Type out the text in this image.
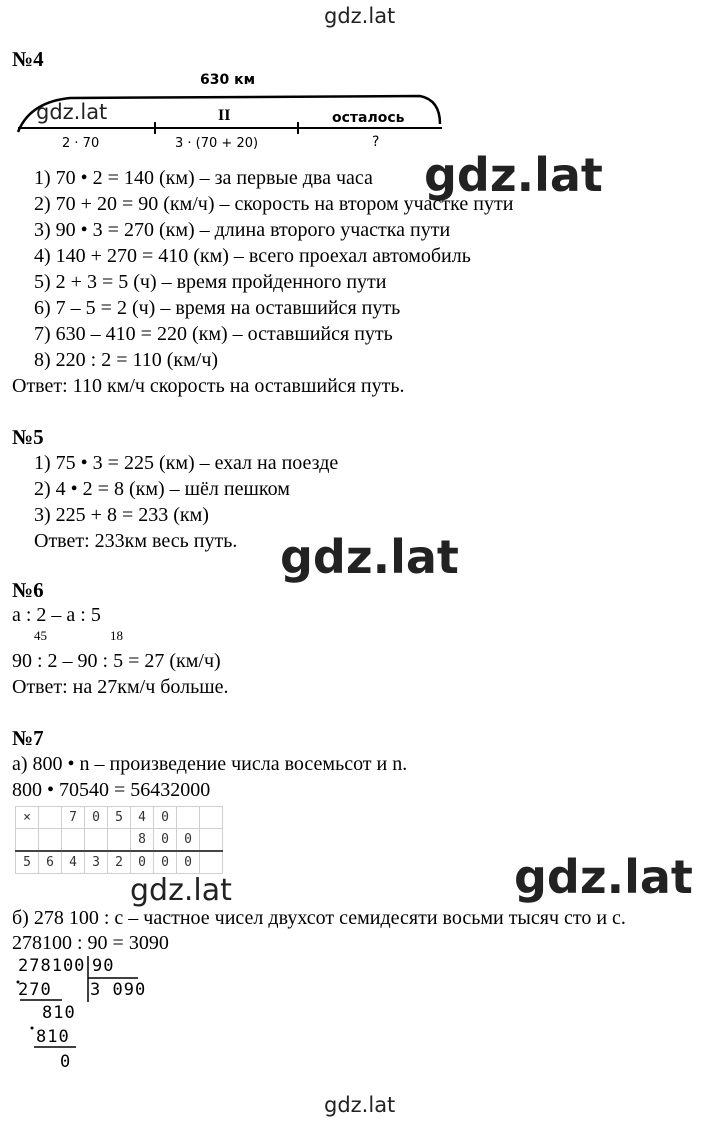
gdz.lat
№4
630 км
gdz.lat	II	осталось
2 · 70	3 · (70 + 20)	?
1) 70 • 2 = 140 (км) – за первые два часа
2) 70 + 20 = 90 (км/ч) – скорость на втором участке пути
3) 90 • 3 = 270 (км) – длина второго участка пути
4) 140 + 270 = 410 (км) – всего проехал автомобиль
5) 2 + 3 = 5 (ч) – время пройденного пути
6) 7 – 5 = 2 (ч) – время на оставшийся путь
7) 630 – 410 = 220 (км) – оставшийся путь
8) 220 : 2 = 110 (км/ч)
gdz.lat
Ответ: 110 км/ч скорость на оставшийся путь.
№5
1) 75 • 3 = 225 (км) – ехал на поезде
2) 4 • 2 = 8 (км) – шёл пешком
3) 225 + 8 = 233 (км)
Ответ: 233км весь путь. gdz.lat
№6
a : 2 – a : 5
45	18
90 : 2 – 90 : 5 = 27 (км/ч)
Ответ: на 27км/ч больше.
№7
а) 800 • n – произведение числа восемьсот и n.
800 • 70540 = 56432000
×		7	0	5	4	0		
					8	0	0	
5	6	4	3	2	0	0	0	
gdz.lat	gdz.lat
б) 278 100 : c – частное чисел двухсот семидесяти восьми тысяч сто и c.
278100 : 90 = 3090
278100 90
270 3 090
810
810
0
gdz.lat
